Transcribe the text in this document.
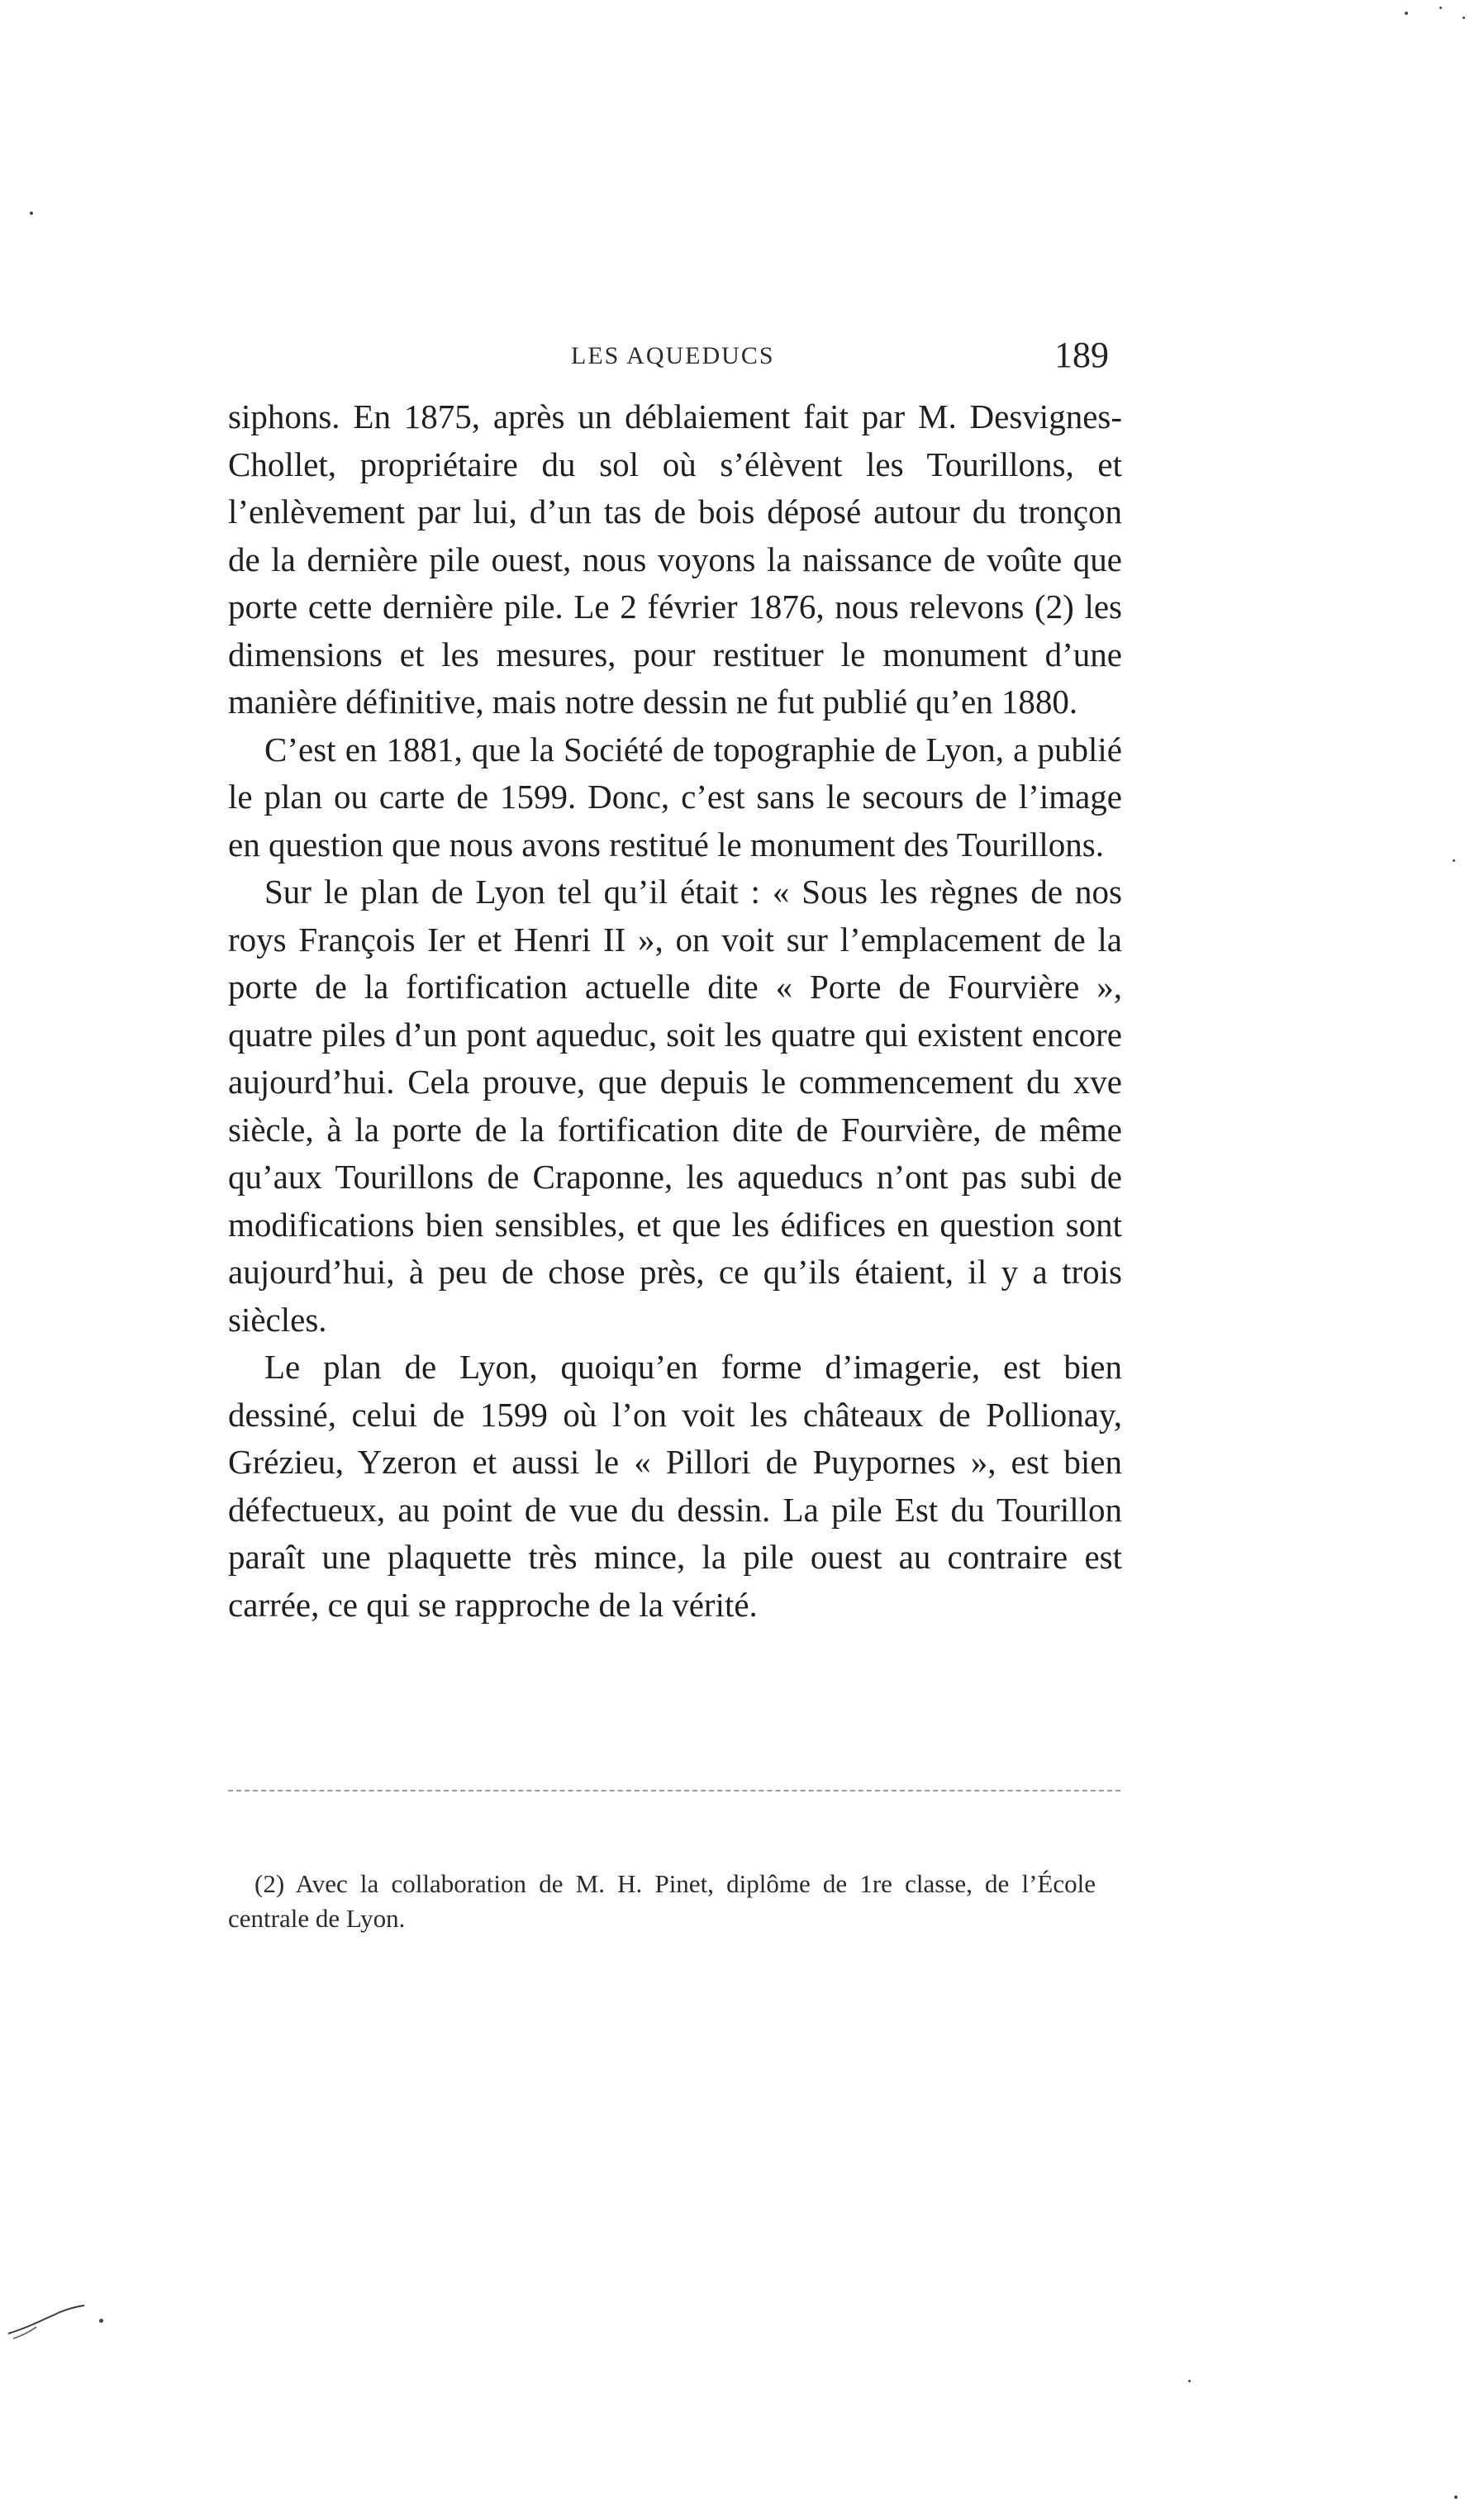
LES AQUEDUCS	189

siphons. En 1875, après un déblaiement fait par M. Desvignes-Chollet, propriétaire du sol où s’élèvent les Tourillons, et l’enlèvement par lui, d’un tas de bois déposé autour du tronçon de la dernière pile ouest, nous voyons la naissance de voûte que porte cette dernière pile. Le 2 février 1876, nous relevons (2) les dimensions et les mesures, pour restituer le monument d’une manière définitive, mais notre dessin ne fut publié qu’en 1880.

C’est en 1881, que la Société de topographie de Lyon, a publié le plan ou carte de 1599. Donc, c’est sans le secours de l’image en question que nous avons restitué le monument des Tourillons.

Sur le plan de Lyon tel qu’il était : « Sous les règnes de nos roys François Ier et Henri II », on voit sur l’emplacement de la porte de la fortification actuelle dite « Porte de Fourvière », quatre piles d’un pont aqueduc, soit les quatre qui existent encore aujourd’hui. Cela prouve, que depuis le commencement du xve siècle, à la porte de la fortification dite de Fourvière, de même qu’aux Tourillons de Craponne, les aqueducs n’ont pas subi de modifications bien sensibles, et que les édifices en question sont aujourd’hui, à peu de chose près, ce qu’ils étaient, il y a trois siècles.

Le plan de Lyon, quoiqu’en forme d’imagerie, est bien dessiné, celui de 1599 où l’on voit les châteaux de Pollionay, Grézieu, Yzeron et aussi le « Pillori de Puypornes », est bien défectueux, au point de vue du dessin. La pile Est du Tourillon paraît une plaquette très mince, la pile ouest au contraire est carrée, ce qui se rapproche de la vérité.

(2) Avec la collaboration de M. H. Pinet, diplôme de 1re classe, de l’École centrale de Lyon.
